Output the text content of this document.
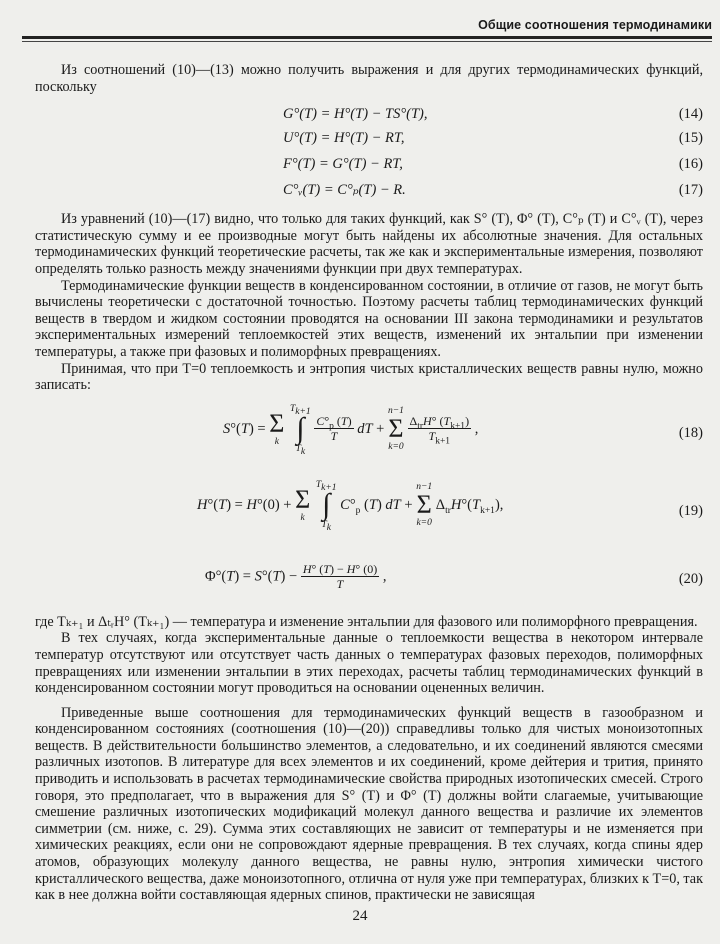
Общие соотношения термодинамики

Из соотношений (10)—(13) можно получить выражения и для других термодинамических функций, поскольку

G°(T) = H°(T) − TS°(T),	(14)
U°(T) = H°(T) − RT,	(15)
F°(T) = G°(T) − RT,	(16)
C°ᵥ(T) = C°ₚ(T) − R.	(17)

Из уравнений (10)—(17) видно, что только для таких функций, как S° (T), Φ° (T), C°ₚ (T) и C°ᵥ (T), через статистическую сумму и ее производные могут быть найдены их абсолютные значения. Для остальных термодинамических функций теоретические расчеты, так же как и экспериментальные измерения, позволяют определять только разность между значениями функции при двух температурах.

Термодинамические функции веществ в конденсированном состоянии, в отличие от газов, не могут быть вычислены теоретически с достаточной точностью. Поэтому расчеты таблиц термодинамических функций веществ в твердом и жидком состоянии проводятся на основании III закона термодинамики и результатов экспериментальных измерений теплоемкостей этих веществ, изменений их энтальпии при изменении температуры, а также при фазовых и полиморфных превращениях.

Принимая, что при T=0 теплоемкость и энтропия чистых кристаллических веществ равны нулю, можно записать:

S°(T) = Σ
k

$T_{k+1}$
∫
$T_k$

$\frac{C^\circ_p (T)}{T}$ dT +
n−1
Σ
k=0

$\frac{\Delta_{tr}H^\circ (T_{k+1})}{T_{k+1}}$ ,	(18)
H°(T) = H°(0) + Σ
k

$T_{k+1}$
∫
$T_k$
$C^\circ_p$ (T) dT +
n−1
Σ
k=0
$\Delta_{tr}H^\circ(T_{k+1})$,	(19)
$\Phi^\circ(T) = S^\circ(T) - \frac{H^\circ (T) - H^\circ (0)}{T}$ ,	(20)

где Tₖ₊₁ и ΔₜᵣH° (Tₖ₊₁) — температура и изменение энтальпии для фазового или полиморфного превращения.

В тех случаях, когда экспериментальные данные о теплоемкости вещества в некотором интервале температур отсутствуют или отсутствует часть данных о температурах фазовых переходов, полиморфных превращениях или изменении энтальпии в этих переходах, расчеты таблиц термодинамических функций в конденсированном состоянии могут проводиться на основании оцененных величин.

Приведенные выше соотношения для термодинамических функций веществ в газообразном и конденсированном состояниях (соотношения (10)—(20)) справедливы только для чистых моноизотопных веществ. В действительности большинство элементов, а следовательно, и их соединений являются смесями различных изотопов. В литературе для всех элементов и их соединений, кроме дейтерия и трития, принято приводить и использовать в расчетах термодинамические свойства природных изотопических смесей. Строго говоря, это предполагает, что в выражения для S° (T) и Φ° (T) должны войти слагаемые, учитывающие смешение различных изотопических модификаций молекул данного вещества и различие их элементов симметрии (см. ниже, с. 29). Сумма этих составляющих не зависит от температуры и не изменяется при химических реакциях, если они не сопровождают ядерные превращения. В тех случаях, когда спины ядер атомов, образующих молекулу данного вещества, не равны нулю, энтропия химически чистого кристаллического вещества, даже моноизотопного, отлична от нуля уже при температурах, близких к T=0, так как в нее должна войти составляющая ядерных спинов, практически не зависящая

24
